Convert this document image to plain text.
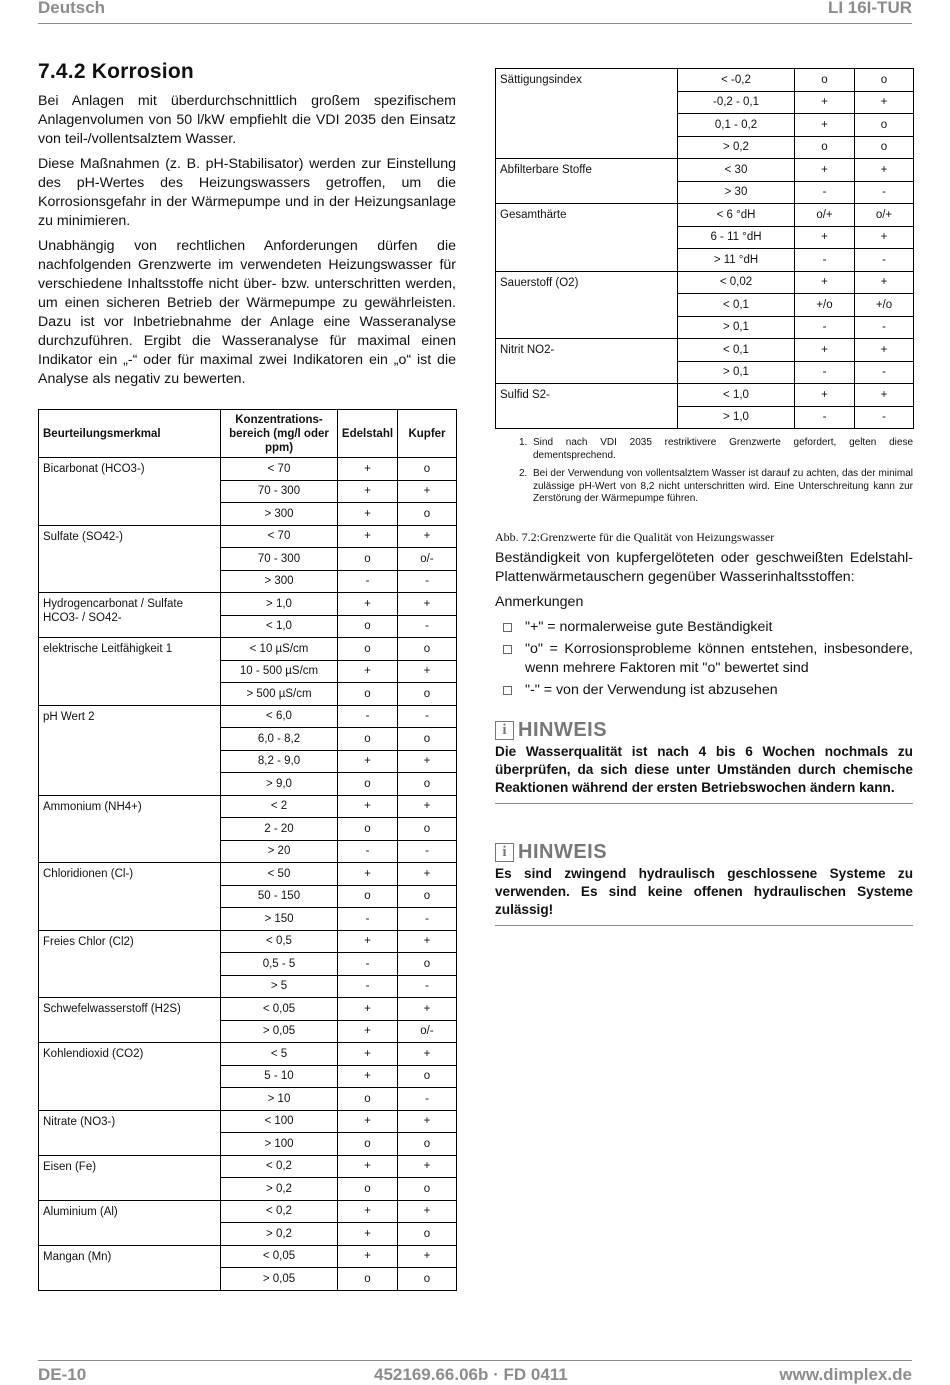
Deutsch	LI 16I-TUR
7.4.2 Korrosion

Bei Anlagen mit überdurchschnittlich großem spezifischem Anlagenvolumen von 50 l/kW empfiehlt die VDI 2035 den Einsatz von teil-/vollentsalztem Wasser.

Diese Maßnahmen (z. B. pH-Stabilisator) werden zur Einstellung des pH-Wertes des Heizungswassers getroffen, um die Korrosionsgefahr in der Wärmepumpe und in der Heizungsanlage zu minimieren.

Unabhängig von rechtlichen Anforderungen dürfen die nachfolgenden Grenzwerte im verwendeten Heizungswasser für verschiedene Inhaltsstoffe nicht über- bzw. unterschritten werden, um einen sicheren Betrieb der Wärmepumpe zu gewährleisten. Dazu ist vor Inbetriebnahme der Anlage eine Wasseranalyse durchzuführen. Ergibt die Wasseranalyse für maximal einen Indikator ein „-“ oder für maximal zwei Indikatoren ein „o“ ist die Analyse als negativ zu bewerten.

Beurteilungsmerkmal	Konzentrations-bereich (mg/l oder ppm)	Edelstahl	Kupfer
Bicarbonat (HCO3-)	< 70	+	o
	70 - 300	+	+
	> 300	+	o
Sulfate (SO42-)	< 70	+	+
	70 - 300	o	o/-
	> 300	-	-
Hydrogencarbonat / Sulfate HCO3- / SO42-	> 1,0	+	+
	< 1,0	o	-
elektrische Leitfähigkeit 1	< 10 µS/cm	o	o
	10 - 500 µS/cm	+	+
	> 500 µS/cm	o	o
pH Wert 2	< 6,0	-	-
	6,0 - 8,2	o	o
	8,2 - 9,0	+	+
	> 9,0	o	o
Ammonium (NH4+)	< 2	+	+
	2 - 20	o	o
	> 20	-	-
Chloridionen (Cl-)	< 50	+	+
	50 - 150	o	o
	> 150	-	-
Freies Chlor (Cl2)	< 0,5	+	+
	0,5 - 5	-	o
	> 5	-	-
Schwefelwasserstoff (H2S)	< 0,05	+	+
	> 0,05	+	o/-
Kohlendioxid (CO2)	< 5	+	+
	5 - 10	+	o
	> 10	o	-
Nitrate (NO3-)	< 100	+	+
	> 100	o	o
Eisen (Fe)	< 0,2	+	+
	> 0,2	o	o
Aluminium (Al)	< 0,2	+	+
	> 0,2	+	o
Mangan (Mn)	< 0,05	+	+
	> 0,05	o	o
Sättigungsindex	< -0,2	o	o
	-0,2 - 0,1	+	+
	0,1 - 0,2	+	o
	> 0,2	o	o
Abfilterbare Stoffe	< 30	+	+
	> 30	-	-
Gesamthärte	< 6 °dH	o/+	o/+
	6 - 11 °dH	+	+
	> 11 °dH	-	-
Sauerstoff (O2)	< 0,02	+	+
	< 0,1	+/o	+/o
	> 0,1	-	-
Nitrit NO2-	< 0,1	+	+
	> 0,1	-	-
Sulfid S2-	< 1,0	+	+
	> 1,0	-	-
1. Sind nach VDI 2035 restriktivere Grenzwerte gefordert, gelten diese dementsprechend.
2. Bei der Verwendung von vollentsalztem Wasser ist darauf zu achten, das der minimal zulässige pH-Wert von 8,2 nicht unterschritten wird. Eine Unterschreitung kann zur Zerstörung der Wärmepumpe führen.
Abb. 7.2:Grenzwerte für die Qualität von Heizungswasser

Beständigkeit von kupfergelöteten oder geschweißten Edelstahl-Plattenwärmetauschern gegenüber Wasserinhaltsstoffen:

Anmerkungen

"+" = normalerweise gute Beständigkeit
"o" = Korrosionsprobleme können entstehen, insbesondere, wenn mehrere Faktoren mit "o" bewertet sind
"-" = von der Verwendung ist abzusehen
i HINWEIS

Die Wasserqualität ist nach 4 bis 6 Wochen nochmals zu überprüfen, da sich diese unter Umständen durch chemische Reaktionen während der ersten Betriebswochen ändern kann.

i HINWEIS

Es sind zwingend hydraulisch geschlossene Systeme zu verwenden. Es sind keine offenen hydraulischen Systeme zulässig!

DE-10	452169.66.06b · FD 0411	www.dimplex.de
